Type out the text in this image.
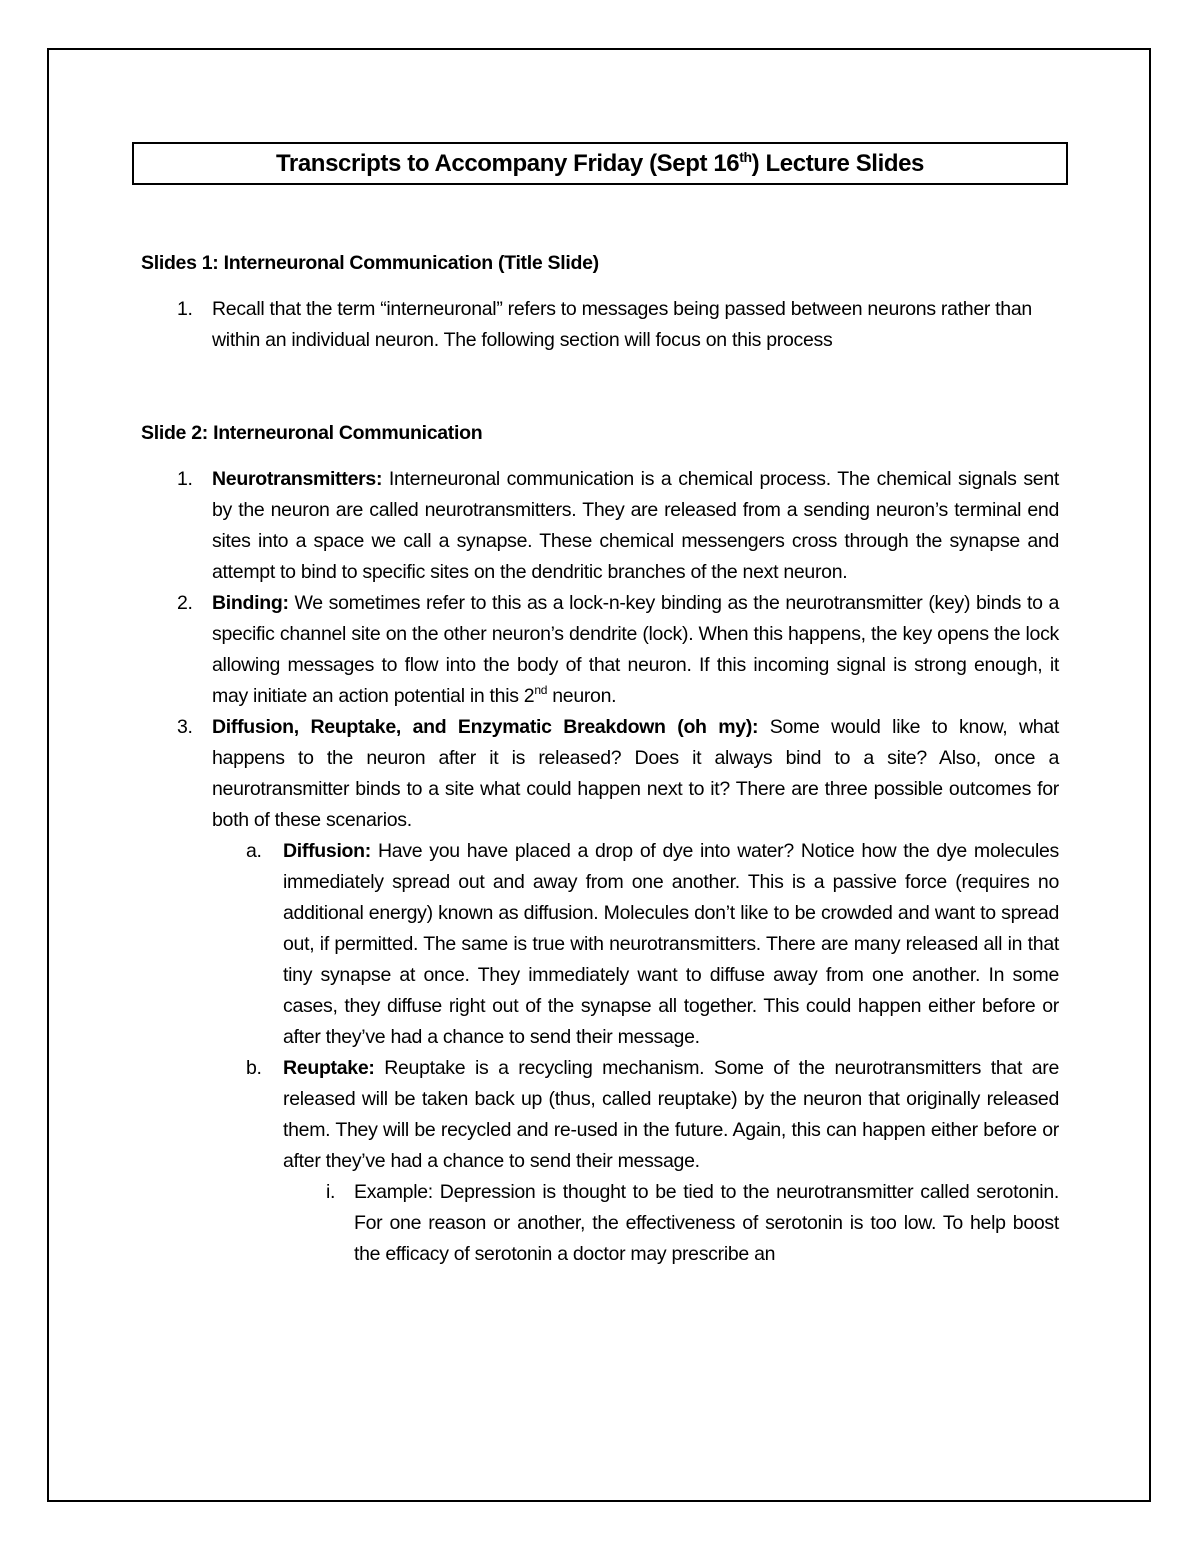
Transcripts to Accompany Friday (Sept 16th) Lecture Slides

Slides 1: Interneuronal Communication (Title Slide)

1. Recall that the term “interneuronal” refers to messages being passed between neurons rather than within an individual neuron. The following section will focus on this process

Slide 2: Interneuronal Communication

1. Neurotransmitters: Interneuronal communication is a chemical process. The chemical signals sent by the neuron are called neurotransmitters. They are released from a sending neuron’s terminal end sites into a space we call a synapse. These chemical messengers cross through the synapse and attempt to bind to specific sites on the dendritic branches of the next neuron.
2. Binding: We sometimes refer to this as a lock-n-key binding as the neurotransmitter (key) binds to a specific channel site on the other neuron’s dendrite (lock). When this happens, the key opens the lock allowing messages to flow into the body of that neuron. If this incoming signal is strong enough, it may initiate an action potential in this 2nd neuron.
3. Diffusion, Reuptake, and Enzymatic Breakdown (oh my): Some would like to know, what happens to the neuron after it is released? Does it always bind to a site? Also, once a neurotransmitter binds to a site what could happen next to it? There are three possible outcomes for both of these scenarios.
a. Diffusion: Have you have placed a drop of dye into water? Notice how the dye molecules immediately spread out and away from one another. This is a passive force (requires no additional energy) known as diffusion. Molecules don’t like to be crowded and want to spread out, if permitted. The same is true with neurotransmitters. There are many released all in that tiny synapse at once. They immediately want to diffuse away from one another. In some cases, they diffuse right out of the synapse all together. This could happen either before or after they’ve had a chance to send their message.
b. Reuptake: Reuptake is a recycling mechanism. Some of the neurotransmitters that are released will be taken back up (thus, called reuptake) by the neuron that originally released them. They will be recycled and re-used in the future. Again, this can happen either before or after they’ve had a chance to send their message.
i. Example: Depression is thought to be tied to the neurotransmitter called serotonin. For one reason or another, the effectiveness of serotonin is too low. To help boost the efficacy of serotonin a doctor may prescribe an
